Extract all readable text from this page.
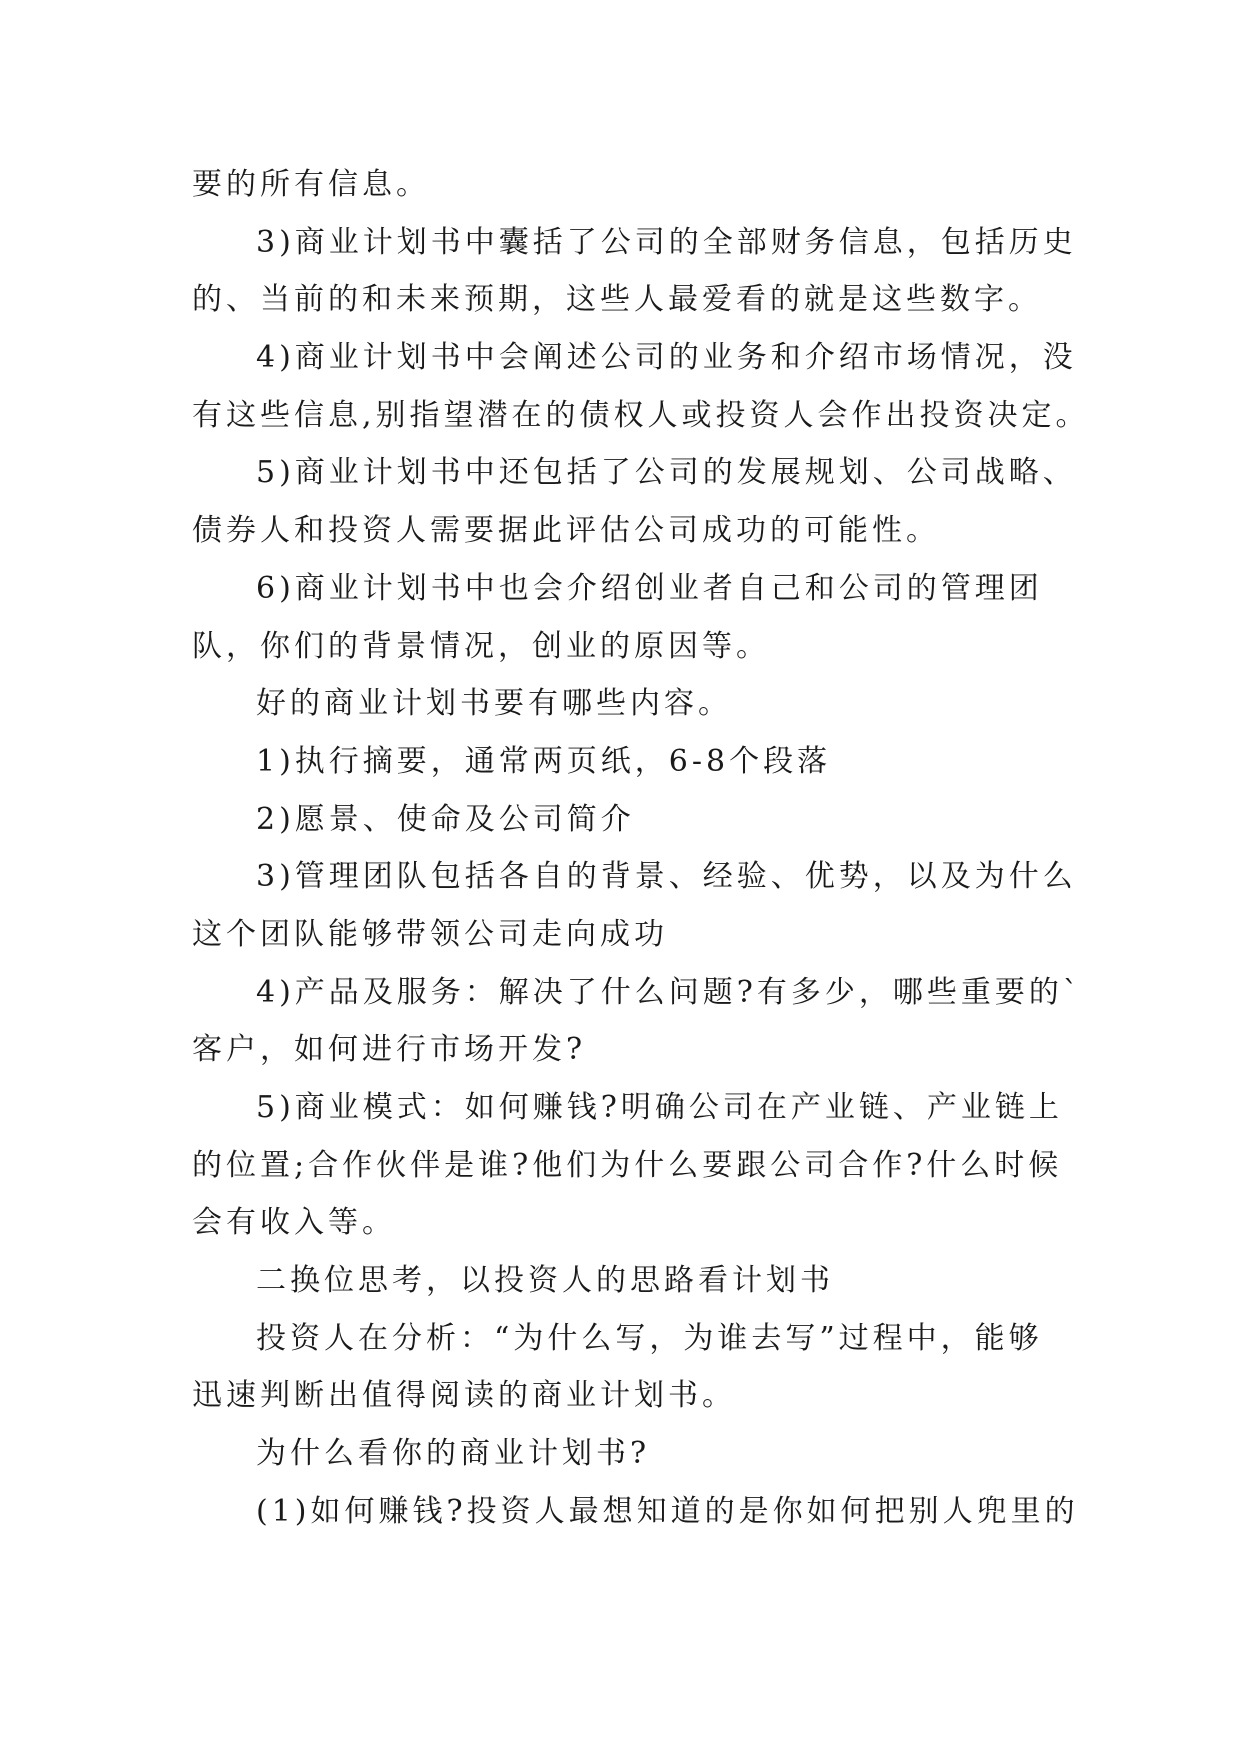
要的所有信息。
3)商业计划书中囊括了公司的全部财务信息，包括历史
的、当前的和未来预期，这些人最爱看的就是这些数字。
4)商业计划书中会阐述公司的业务和介绍市场情况，没
有这些信息,别指望潜在的债权人或投资人会作出投资决定。
5)商业计划书中还包括了公司的发展规划、公司战略、
债券人和投资人需要据此评估公司成功的可能性。
6)商业计划书中也会介绍创业者自己和公司的管理团
队，你们的背景情况，创业的原因等。
好的商业计划书要有哪些内容。
1)执行摘要，通常两页纸，6-8个段落
2)愿景、使命及公司简介
3)管理团队包括各自的背景、经验、优势，以及为什么
这个团队能够带领公司走向成功
4)产品及服务：解决了什么问题?有多少，哪些重要的`
客户，如何进行市场开发?
5)商业模式：如何赚钱?明确公司在产业链、产业链上
的位置;合作伙伴是谁?他们为什么要跟公司合作?什么时候
会有收入等。
二换位思考，以投资人的思路看计划书
投资人在分析：“为什么写，为谁去写”过程中，能够
迅速判断出值得阅读的商业计划书。
为什么看你的商业计划书?
(1)如何赚钱?投资人最想知道的是你如何把别人兜里的
